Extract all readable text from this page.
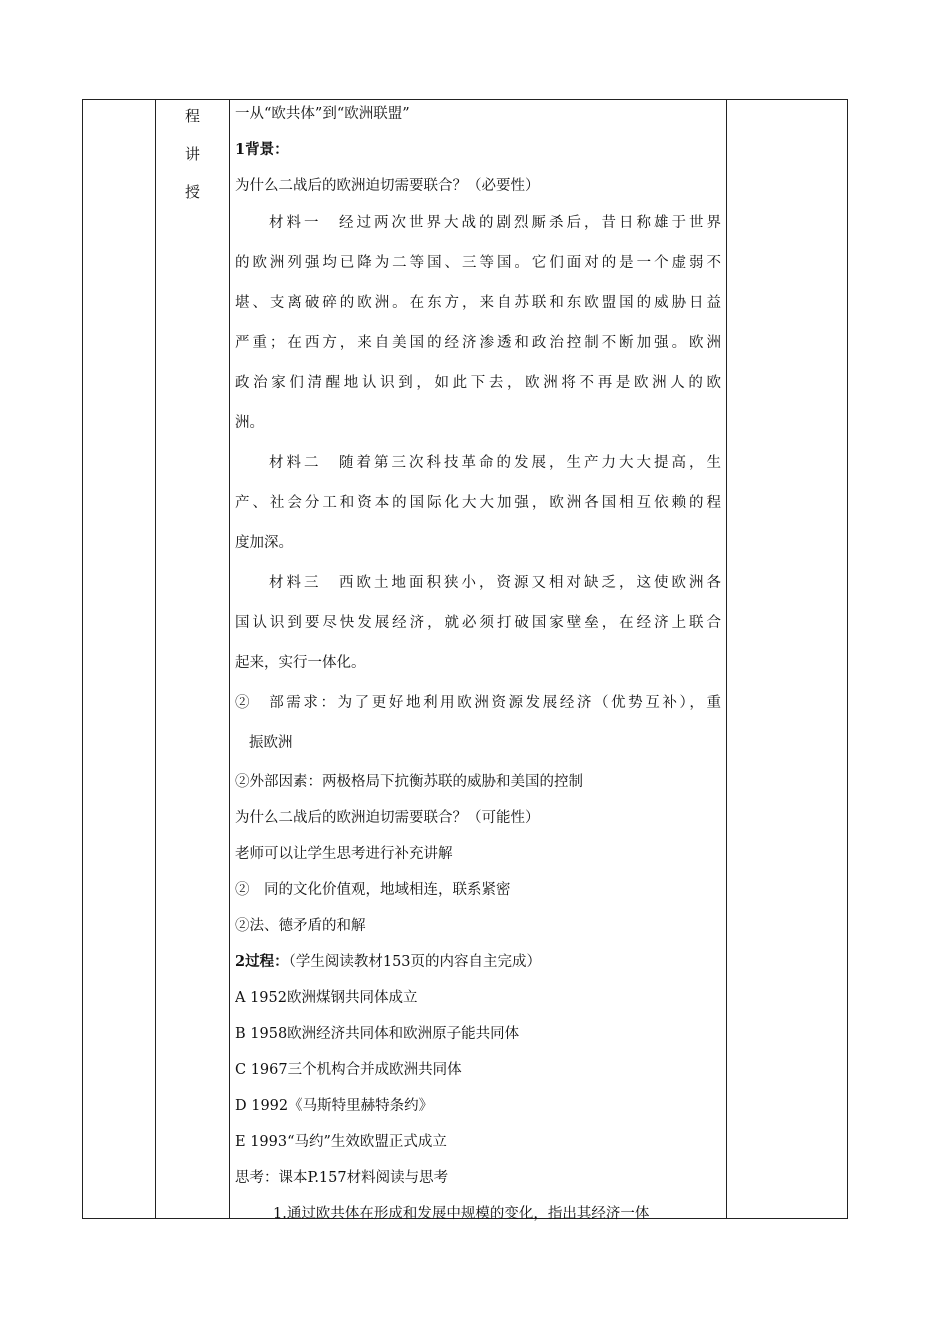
程
讲
授
一从“欧共体”到“欧洲联盟”
1背景：
为什么二战后的欧洲迫切需要联合？（必要性）
材料一　经过两次世界大战的剧烈厮杀后，昔日称雄于世界
的欧洲列强均已降为二等国、三等国。它们面对的是一个虚弱不
堪、支离破碎的欧洲。在东方，来自苏联和东欧盟国的威胁日益
严重；在西方，来自美国的经济渗透和政治控制不断加强。欧洲
政治家们清醒地认识到，如此下去，欧洲将不再是欧洲人的欧
洲。
材料二　随着第三次科技革命的发展，生产力大大提高，生
产、社会分工和资本的国际化大大加强，欧洲各国相互依赖的程
度加深。
材料三　西欧土地面积狭小，资源又相对缺乏，这使欧洲各
国认识到要尽快发展经济，就必须打破国家壁垒，在经济上联合
起来，实行一体化。
②　部需求：为了更好地利用欧洲资源发展经济（优势互补），重
振欧洲
②外部因素：两极格局下抗衡苏联的威胁和美国的控制
为什么二战后的欧洲迫切需要联合？（可能性）
老师可以让学生思考进行补充讲解
②　同的文化价值观，地域相连，联系紧密
②法、德矛盾的和解
2过程：（学生阅读教材153页的内容自主完成）
A 1952欧洲煤钢共同体成立
B 1958欧洲经济共同体和欧洲原子能共同体
C 1967三个机构合并成欧洲共同体
D 1992《马斯特里赫特条约》
E 1993“马约”生效欧盟正式成立
思考：课本P.157材料阅读与思考
1.通过欧共体在形成和发展中规模的变化，指出其经济一体
